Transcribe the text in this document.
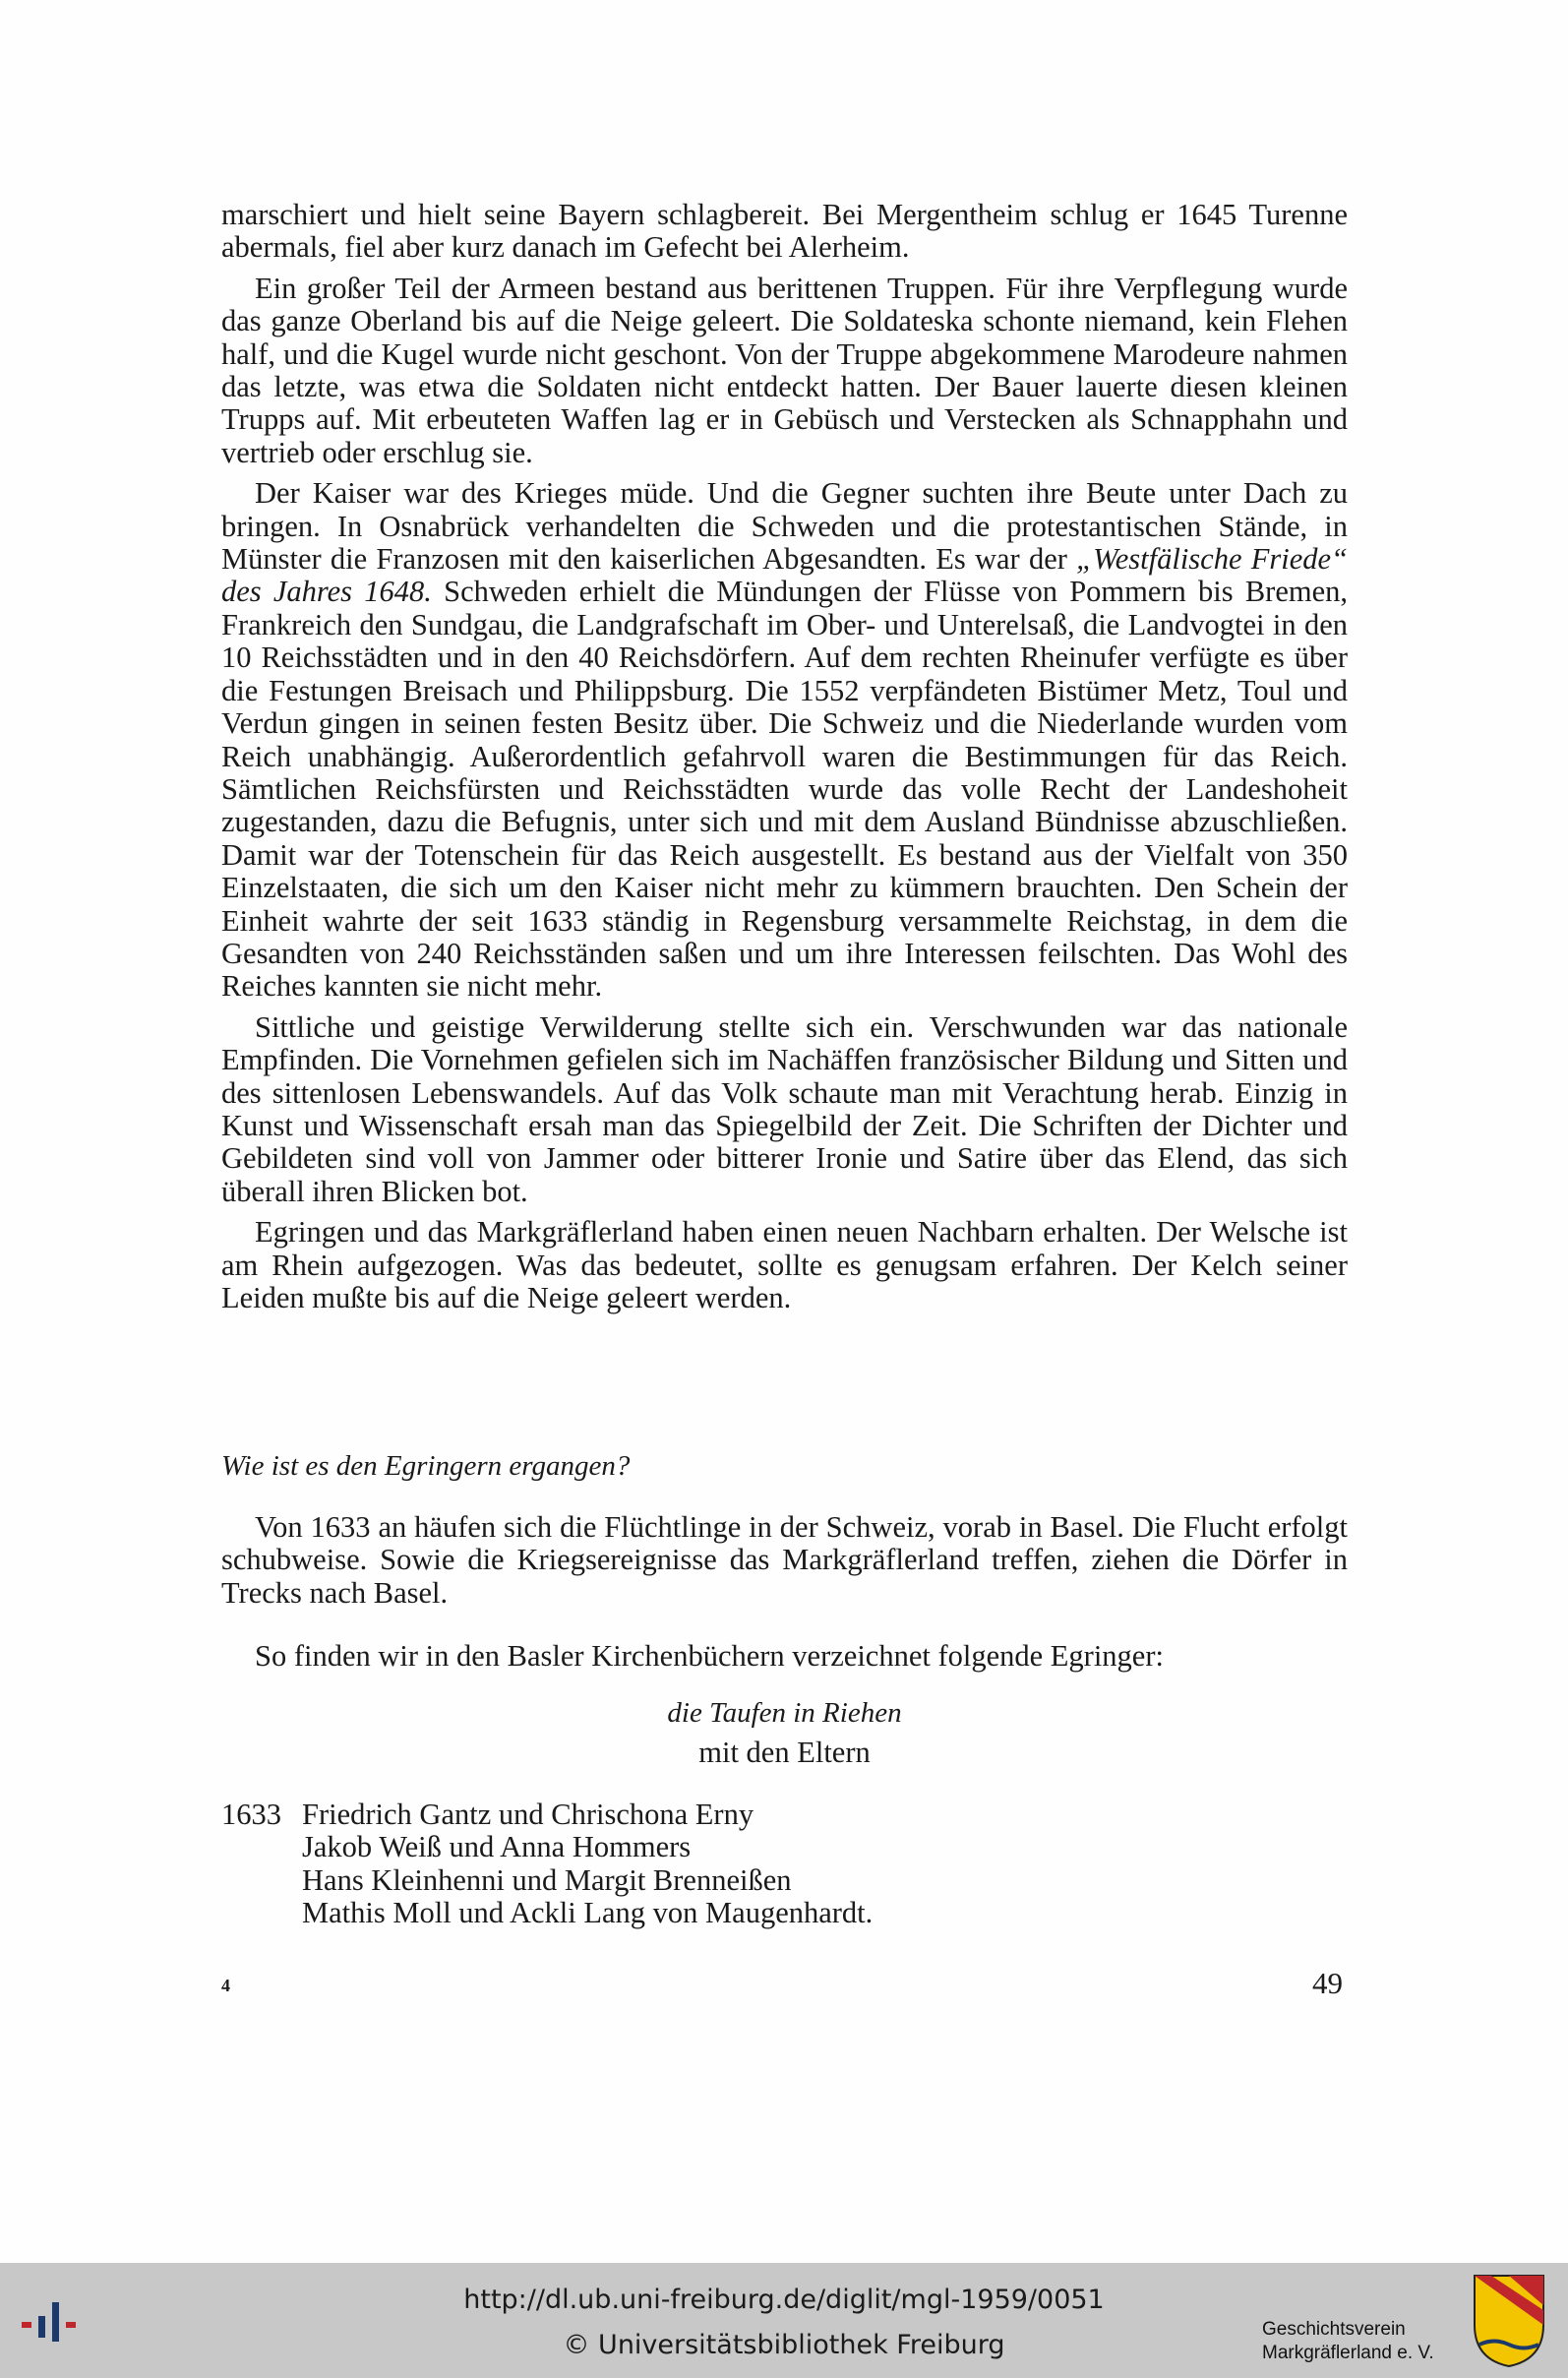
marschiert und hielt seine Bayern schlagbereit. Bei Mergentheim schlug er 1645 Turenne abermals, fiel aber kurz danach im Gefecht bei Alerheim.

Ein großer Teil der Armeen bestand aus berittenen Truppen. Für ihre Verpflegung wurde das ganze Oberland bis auf die Neige geleert. Die Soldateska schonte niemand, kein Flehen half, und die Kugel wurde nicht geschont. Von der Truppe abgekommene Marodeure nahmen das letzte, was etwa die Soldaten nicht entdeckt hatten. Der Bauer lauerte diesen kleinen Trupps auf. Mit erbeuteten Waffen lag er in Gebüsch und Verstecken als Schnapphahn und vertrieb oder erschlug sie.

Der Kaiser war des Krieges müde. Und die Gegner suchten ihre Beute unter Dach zu bringen. In Osnabrück verhandelten die Schweden und die protestantischen Stände, in Münster die Franzosen mit den kaiserlichen Abgesandten. Es war der „Westfälische Friede“ des Jahres 1648. Schweden erhielt die Mündungen der Flüsse von Pommern bis Bremen, Frankreich den Sundgau, die Landgrafschaft im Ober- und Unterelsaß, die Landvogtei in den 10 Reichsstädten und in den 40 Reichsdörfern. Auf dem rechten Rheinufer verfügte es über die Festungen Breisach und Philippsburg. Die 1552 verpfändeten Bistümer Metz, Toul und Verdun gingen in seinen festen Besitz über. Die Schweiz und die Niederlande wurden vom Reich unabhängig. Außerordentlich gefahrvoll waren die Bestimmungen für das Reich. Sämtlichen Reichsfürsten und Reichsstädten wurde das volle Recht der Landeshoheit zugestanden, dazu die Befugnis, unter sich und mit dem Ausland Bündnisse abzuschließen. Damit war der Totenschein für das Reich ausgestellt. Es bestand aus der Vielfalt von 350 Einzelstaaten, die sich um den Kaiser nicht mehr zu kümmern brauchten. Den Schein der Einheit wahrte der seit 1633 ständig in Regensburg versammelte Reichstag, in dem die Gesandten von 240 Reichsständen saßen und um ihre Interessen feilschten. Das Wohl des Reiches kannten sie nicht mehr.

Sittliche und geistige Verwilderung stellte sich ein. Verschwunden war das nationale Empfinden. Die Vornehmen gefielen sich im Nachäffen französischer Bildung und Sitten und des sittenlosen Lebenswandels. Auf das Volk schaute man mit Verachtung herab. Einzig in Kunst und Wissenschaft ersah man das Spiegelbild der Zeit. Die Schriften der Dichter und Gebildeten sind voll von Jammer oder bitterer Ironie und Satire über das Elend, das sich überall ihren Blicken bot.

Egringen und das Markgräflerland haben einen neuen Nachbarn erhalten. Der Welsche ist am Rhein aufgezogen. Was das bedeutet, sollte es genugsam erfahren. Der Kelch seiner Leiden mußte bis auf die Neige geleert werden.

Wie ist es den Egringern ergangen?

Von 1633 an häufen sich die Flüchtlinge in der Schweiz, vorab in Basel. Die Flucht erfolgt schubweise. Sowie die Kriegsereignisse das Markgräflerland treffen, ziehen die Dörfer in Trecks nach Basel.

So finden wir in den Basler Kirchenbüchern verzeichnet folgende Egringer:

die Taufen in Riehen
mit den Eltern
1633 Friedrich Gantz und Chrischona Erny
Jakob Weiß und Anna Hommers
Hans Kleinhenni und Margit Brenneißen
Mathis Moll und Ackli Lang von Maugenhardt.
4	49
http://dl.ub.uni-freiburg.de/diglit/mgl-1959/0051
© Universitätsbibliothek Freiburg
Geschichtsverein
Markgräflerland e. V.
